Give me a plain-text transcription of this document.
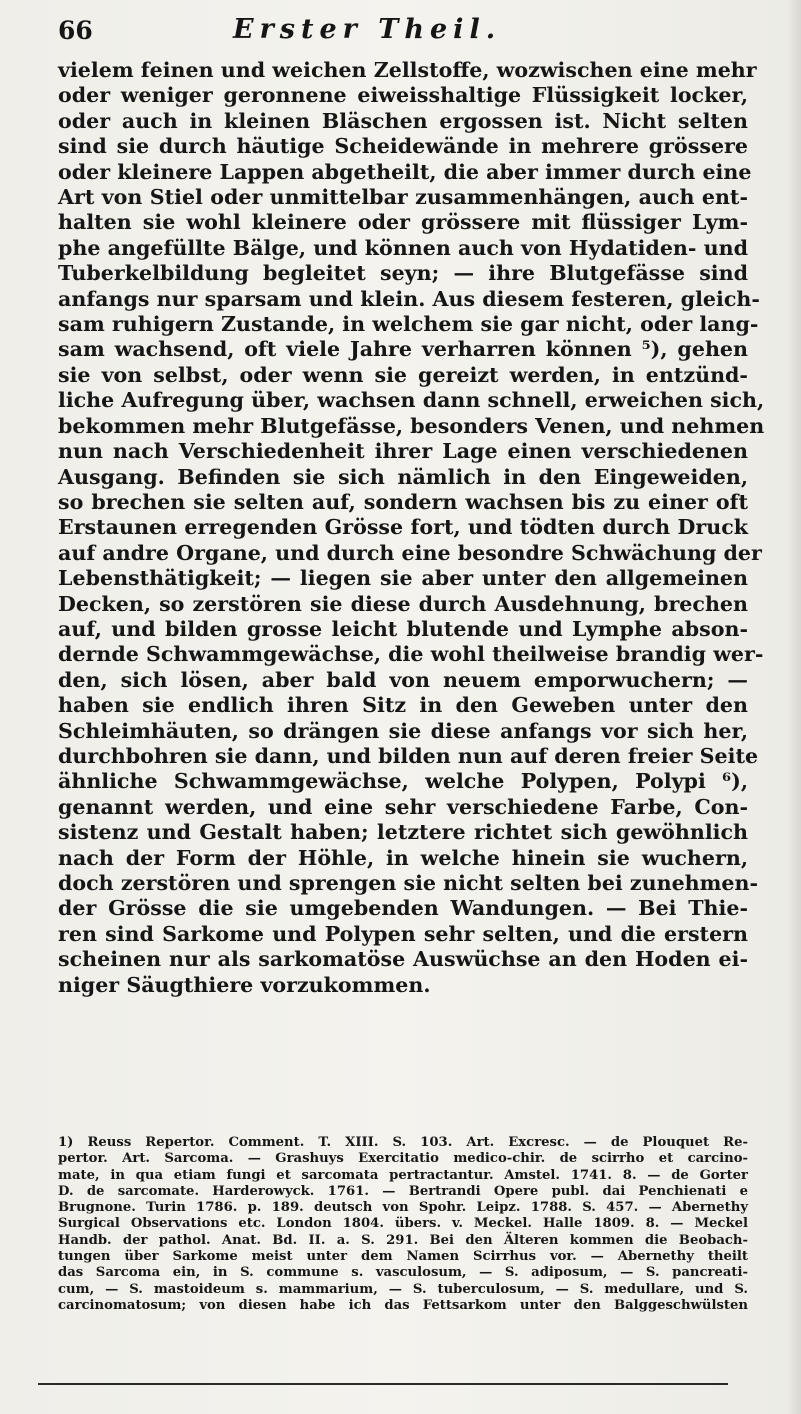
66	Erster Theil.
vielem feinen und weichen Zellstoffe, wozwischen eine mehr
oder weniger geronnene eiweisshaltige Flüssigkeit locker,
oder auch in kleinen Bläschen ergossen ist. Nicht selten
sind sie durch häutige Scheidewände in mehrere grössere
oder kleinere Lappen abgetheilt, die aber immer durch eine
Art von Stiel oder unmittelbar zusammenhängen, auch ent-
halten sie wohl kleinere oder grössere mit flüssiger Lym-
phe angefüllte Bälge, und können auch von Hydatiden- und
Tuberkelbildung begleitet seyn; — ihre Blutgefässe sind
anfangs nur sparsam und klein. Aus diesem festeren, gleich-
sam ruhigern Zustande, in welchem sie gar nicht, oder lang-
sam wachsend, oft viele Jahre verharren können ⁵), gehen
sie von selbst, oder wenn sie gereizt werden, in entzünd-
liche Aufregung über, wachsen dann schnell, erweichen sich,
bekommen mehr Blutgefässe, besonders Venen, und nehmen
nun nach Verschiedenheit ihrer Lage einen verschiedenen
Ausgang. Befinden sie sich nämlich in den Eingeweiden,
so brechen sie selten auf, sondern wachsen bis zu einer oft
Erstaunen erregenden Grösse fort, und tödten durch Druck
auf andre Organe, und durch eine besondre Schwächung der
Lebensthätigkeit; — liegen sie aber unter den allgemeinen
Decken, so zerstören sie diese durch Ausdehnung, brechen
auf, und bilden grosse leicht blutende und Lymphe abson-
dernde Schwammgewächse, die wohl theilweise brandig wer-
den, sich lösen, aber bald von neuem emporwuchern; —
haben sie endlich ihren Sitz in den Geweben unter den
Schleimhäuten, so drängen sie diese anfangs vor sich her,
durchbohren sie dann, und bilden nun auf deren freier Seite
ähnliche Schwammgewächse, welche Polypen, Polypi ⁶),
genannt werden, und eine sehr verschiedene Farbe, Con-
sistenz und Gestalt haben; letztere richtet sich gewöhnlich
nach der Form der Höhle, in welche hinein sie wuchern,
doch zerstören und sprengen sie nicht selten bei zunehmen-
der Grösse die sie umgebenden Wandungen. — Bei Thie-
ren sind Sarkome und Polypen sehr selten, und die erstern
scheinen nur als sarkomatöse Auswüchse an den Hoden ei-
niger Säugthiere vorzukommen.
1) Reuss Repertor. Comment. T. XIII. S. 103. Art. Excresc. — de Plouquet Re-
pertor. Art. Sarcoma. — Grashuys Exercitatio medico-chir. de scirrho et carcino-
mate, in qua etiam fungi et sarcomata pertractantur. Amstel. 1741. 8. — de Gorter
D. de sarcomate. Harderowyck. 1761. — Bertrandi Opere publ. dai Penchienati e
Brugnone. Turin 1786. p. 189. deutsch von Spohr. Leipz. 1788. S. 457. — Abernethy
Surgical Observations etc. London 1804. übers. v. Meckel. Halle 1809. 8. — Meckel
Handb. der pathol. Anat. Bd. II. a. S. 291. Bei den Älteren kommen die Beobach-
tungen über Sarkome meist unter dem Namen Scirrhus vor. — Abernethy theilt
das Sarcoma ein, in S. commune s. vasculosum, — S. adiposum, — S. pancreati-
cum, — S. mastoideum s. mammarium, — S. tuberculosum, — S. medullare, und S.
carcinomatosum; von diesen habe ich das Fettsarkom unter den Balggeschwülsten
